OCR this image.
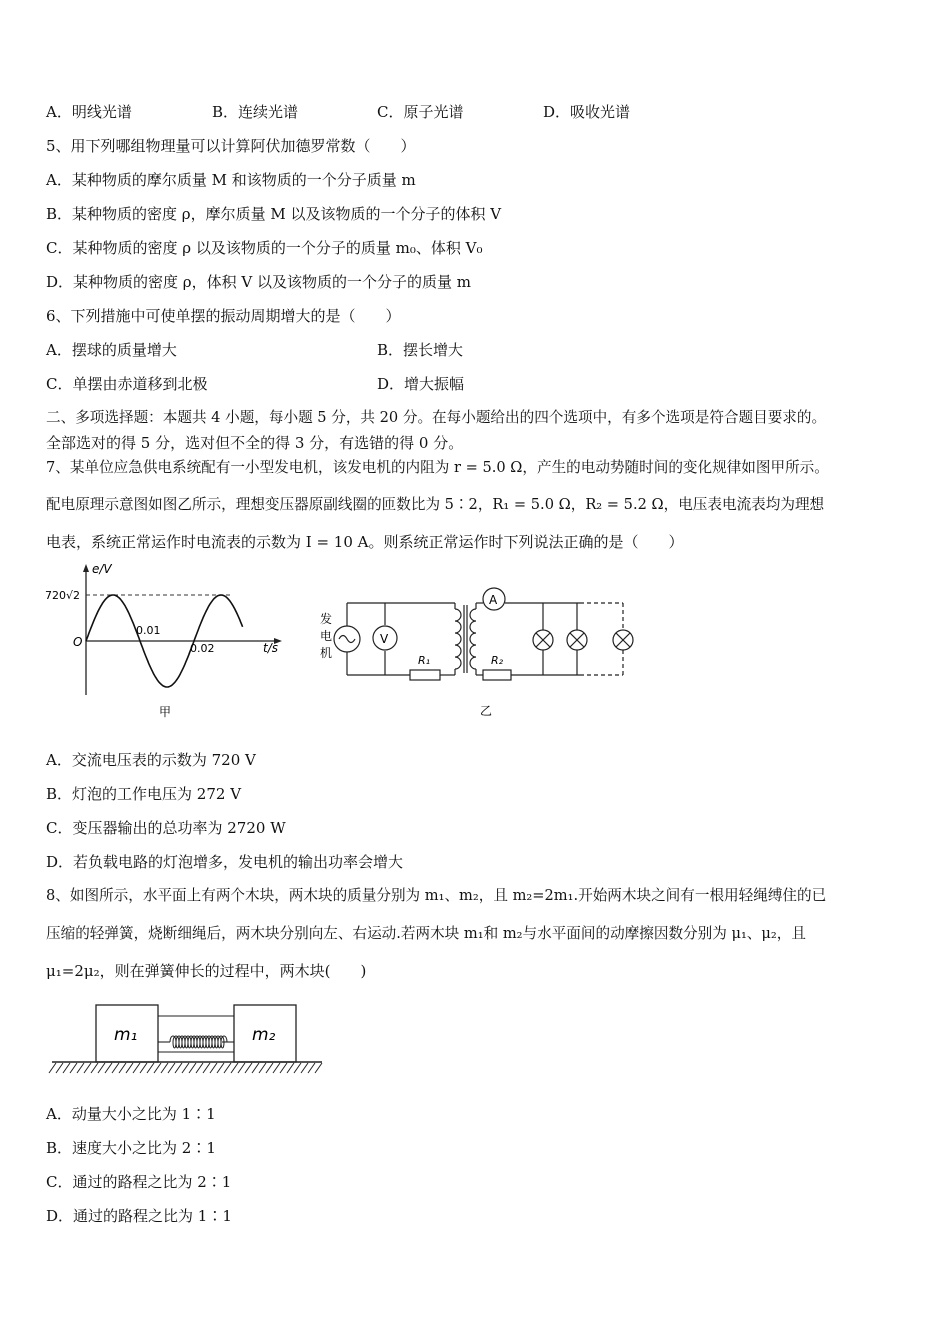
A．明线光谱	B．连续光谱	C．原子光谱	D．吸收光谱
5、用下列哪组物理量可以计算阿伏加德罗常数（　　）
A．某种物质的摩尔质量 M 和该物质的一个分子质量 m
B．某种物质的密度 ρ，摩尔质量 M 以及该物质的一个分子的体积 V
C．某种物质的密度 ρ 以及该物质的一个分子的质量 m₀、体积 V₀
D．某种物质的密度 ρ，体积 V 以及该物质的一个分子的质量 m
6、下列措施中可使单摆的振动周期增大的是（　　）
A．摆球的质量增大	B．摆长增大
C．单摆由赤道移到北极	D．增大振幅
二、多项选择题：本题共 4 小题，每小题 5 分，共 20 分。在每小题给出的四个选项中，有多个选项是符合题目要求的。
全部选对的得 5 分，选对但不全的得 3 分，有选错的得 0 分。
7、某单位应急供电系统配有一小型发电机，该发电机的内阻为 r = 5.0 Ω，产生的电动势随时间的变化规律如图甲所示。
配电原理示意图如图乙所示，理想变压器原副线圈的匝数比为 5∶2，R₁ = 5.0 Ω，R₂ = 5.2 Ω，电压表电流表均为理想
电表，系统正常运作时电流表的示数为 I = 10 A。则系统正常运作时下列说法正确的是（　　）
e/V
t/s
720√2
O
0.01
0.02
甲
发
电
机
V
R₁
A
R₂
乙
A．交流电压表的示数为 720 V
B．灯泡的工作电压为 272 V
C．变压器输出的总功率为 2720 W
D．若负载电路的灯泡增多，发电机的输出功率会增大
8、如图所示，水平面上有两个木块，两木块的质量分别为 m₁、m₂，且 m₂=2m₁.开始两木块之间有一根用轻绳缚住的已
压缩的轻弹簧，烧断细绳后，两木块分别向左、右运动.若两木块 m₁和 m₂与水平面间的动摩擦因数分别为 μ₁、μ₂，且
μ₁=2μ₂，则在弹簧伸长的过程中，两木块(　　)
m₁	m₂
A．动量大小之比为 1∶1
B．速度大小之比为 2∶1
C．通过的路程之比为 2∶1
D．通过的路程之比为 1∶1
